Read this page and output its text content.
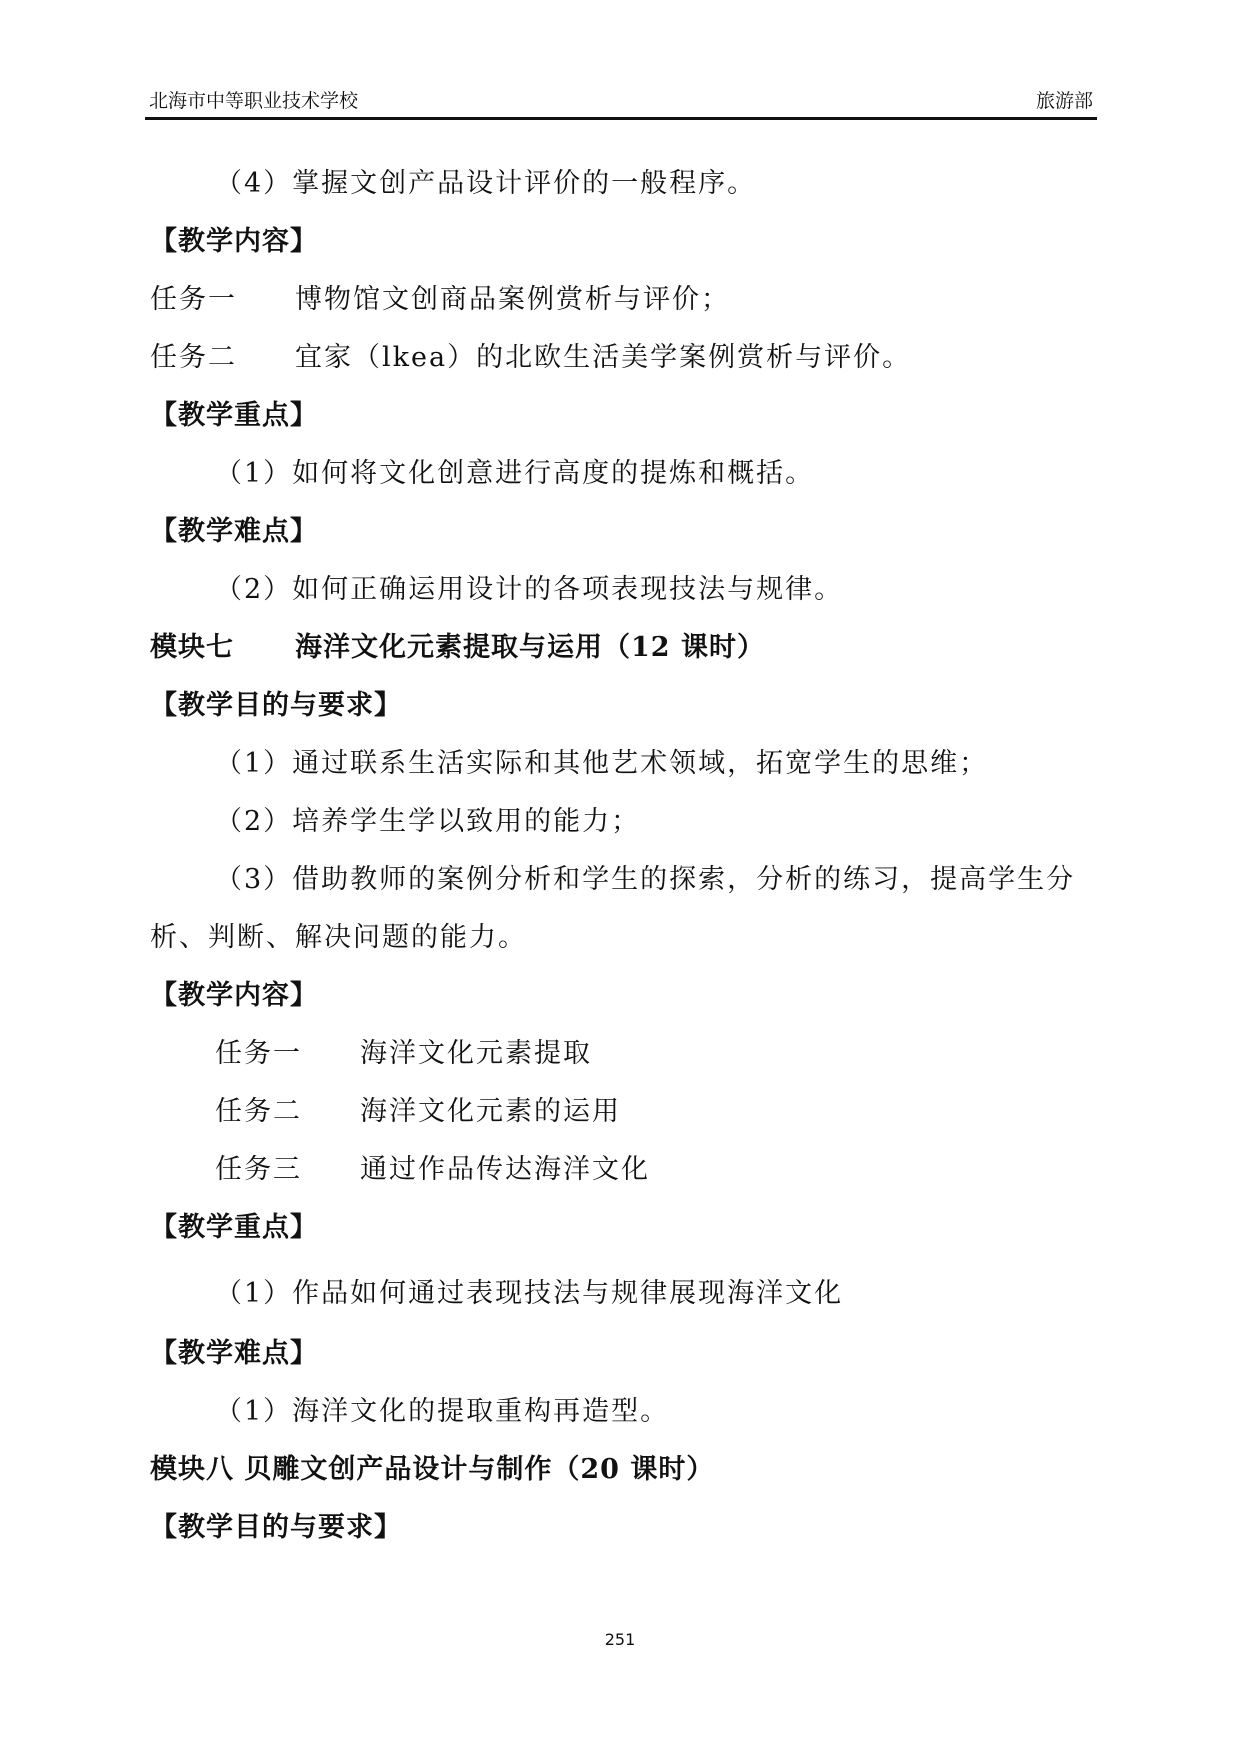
北海市中等职业技术学校	旅游部
（4）掌握文创产品设计评价的一般程序。
【教学内容】
任务一 博物馆文创商品案例赏析与评价；
任务二 宜家（lkea）的北欧生活美学案例赏析与评价。
【教学重点】
（1）如何将文化创意进行高度的提炼和概括。
【教学难点】
（2）如何正确运用设计的各项表现技法与规律。
模块七 海洋文化元素提取与运用（12 课时）
【教学目的与要求】
（1）通过联系生活实际和其他艺术领域，拓宽学生的思维；
（2）培养学生学以致用的能力；
（3）借助教师的案例分析和学生的探索，分析的练习，提高学生分
析、判断、解决问题的能力。
【教学内容】
任务一 海洋文化元素提取
任务二 海洋文化元素的运用
任务三 通过作品传达海洋文化
【教学重点】
（1）作品如何通过表现技法与规律展现海洋文化
【教学难点】
（1）海洋文化的提取重构再造型。
模块八 贝雕文创产品设计与制作（20 课时）
【教学目的与要求】
251
